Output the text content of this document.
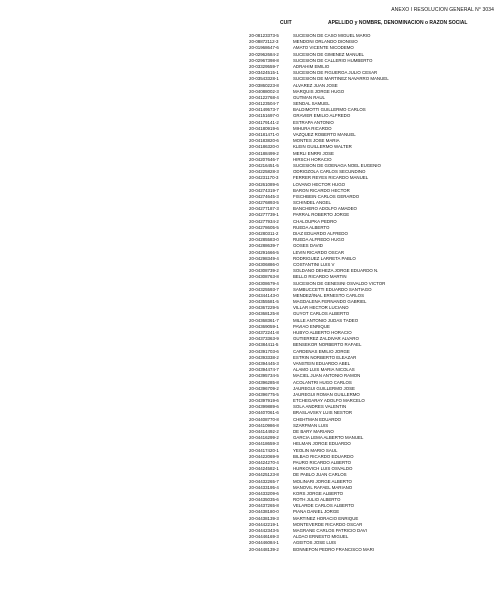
ANEXO I RESOLUCION GENERAL N° 3034
CUIT	APELLIDO y NOMBRE, DENOMINACION o RAZON SOCIAL
20-08123373-5	SUCESION DE CASO MIGUEL MARIO
20-08872112-3	MENDONI ORLANDO DIONISIO
20-01968647-6	AMATO VICENTE NICODEMO
20-02962684-2	SUCESION DE GIMENEZ MANUEL
20-02967398-8	SUCESION DE CALLERIO HUMBERTO
20-03329559-7	ADRAHIM EMILIO
20-03424515-1	SUCESION DE FIGUEROA JULIO CESAR
20-03543328-1	SUCESION DE MARTINEZ NAVARRO MANUEL
20-03860223-8	ALVAREZ JUAN JOSE
20-04088002-3	MARQUIS JORGE HUGO
20-04122768-4	GUTMAN RAUL
20-04123504-7	SENDAL SAMUEL
20-04149573-7	BALDIMOTTI GUILLERMO CARLOS
20-04151697-0	GRAVIER EMILIO ALFREDO
20-04179141-2	ESTRAPA ANTONIO
20-04180919-6	MIHURA RICARDO
20-04181471-0	VAZQUEZ ROBERTO MANUEL
20-04183820-6	MONTES JOSE MARIA
20-04186320-0	KLEIN GUILLERMO WALTER
20-04188499-2	MERLI ENRRI JOSE
20-04207646-7	HIRSCH HORACIO
20-04216451-5	SUCESION DE GOENAGA NOEL EUGENIO
20-04225828-3	ODRIOZOLA CARLOS SECUNDINO
20-04231170-3	FERRER REYES RICARDO MANUEL
20-04261089-6	LOVANO HECTOR HUGO
20-04274319-7	BARON RICARDO HECTOR
20-04274645-3	FISCHBEIN CARLOS GERARDO
20-04276893-5	SCHINDEL ANGEL
20-04277187-3	BANCHERO ADOLFO AMADEO
20-04277739-1	PARRAL ROBERTO JORGE
20-04277934-2	CHALOUPKA PEDRO
20-04278605-5	RUEDA ALBERTO
20-04280311-2	DIAZ EDUARDO ALFREDO
20-04285583-0	RUEDA ALFREDO HUGO
20-04288639-7	GOSES DAVID
20-04291666-5	LEVIN RICARDO OSCAR
20-04298349-4	RODRIGUEZ LARRETA PABLO
20-04306886-0	COSTANTINI LUIS V
20-04308739-2	SOLDANO DEHEZA JORGE EDUARDO N.
20-04308763-8	BELLO RICARDO MARTIN
20-04308679-4	SUCESION DE GENESINI OSVALDO VICTOR
20-04325593-7	SAMBUCCETTI EDUARDO SANTIAGO
20-04344143-0	MENDEZ/INAL ERNESTO CARLOS
20-04355581-5	MAGDALENA FERNANDO GABRIEL
20-04367229-5	VILLAR HECTOR LUCIANO
20-04368125-8	GUYOT CARLOS ALBERTO
20-04368361-7	MILLE ANTONIO JUDAS TADEO
20-04369059-1	PAVIAO ENRIQUE
20-04372241-8	HUBYO ALBERTO HORACIO
20-04373363-9	GUTIERREZ ZALDIVAR ALVARO
20-04384411-5	BENSEKOR NORBERTO RAFAEL
20-04391703-6	CARDENAS EMILIO JORGE
20-04393338-2	ESTRIN NORBERTO ELEAZAR
20-04394445-3	VANSTEIN EDUARDO ABEL
20-04394474-7	ALAMO LUIS MARIA NICOLAS
20-04395734-5	MACIEL JUAN ANTONIO RAMON
20-04396285-8	ACOLANTRI HUGO CARLOS
20-04396709-2	JAUREGUI GUILLERMO JOSE
20-04396775-5	JAUREGUI ROMAN GUILLERMO
20-04397919-6	ETCHEGARAY ADOLFO MARCELO
20-04399889-6	SOLA ANDRES VALENTIN
20-04407061-6	BRASLAVSKY LUIS NESTOR
20-04408770-8	CHEHTMAN EDUARDO
20-04410986-8	SZARFMAN LUIS
20-04414492-2	DE BARY MARIANO
20-04416299-2	GARCIA LEMA ALBERTO MANUEL
20-04418659-3	HELMAN JORGE EDUARDO
20-04417420-1	YEOLIN MARIO SAUL
20-04422069-9	BILBAO RICARDO EDUARDO
20-04424270-4	PAURO RICARDO ALBERTO
20-04424582-1	HURKOVICH LUIS OSVALDO
20-04425123-8	DE PABLO JUAN CARLOS
20-04432265-7	MOLINARI JORGE ALBERTO
20-04433195-4	MANOVIL RAFAEL MARIANO
20-04433209-6	KORS JORGE ALBERTO
20-04435035-6	ROTH JULIO ALBERTO
20-04437265-8	VELARDE CARLOS ALBERTO
20-04438180-0	PIANA DANIEL JORGE
20-04438139-3	MARTINEZ HORACIO ENRIQUE
20-04442219-1	MONTEVERDE RICARDO OSCAR
20-04442343-5	MAGRANE CARLOS PATRICIO DAVI
20-04446169-3	ALDAO ERNESTO MIGUEL
20-04446084-1	AGEITOS JOSE LUIS
20-04448139-2	BONNEFON PEDRO FRANCISCO MARI
